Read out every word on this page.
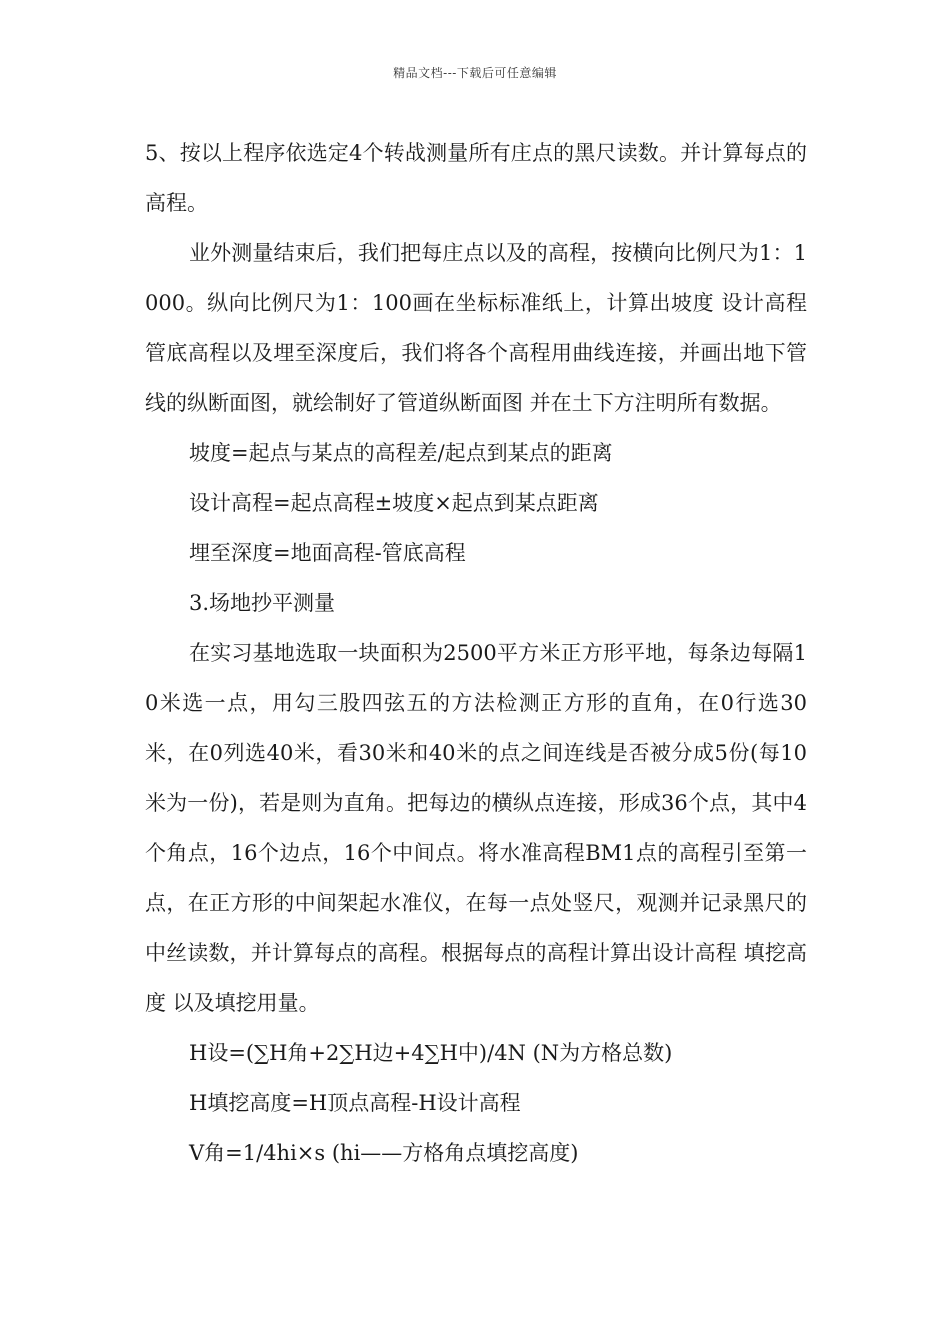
精品文档---下载后可任意编辑

5、按以上程序依选定4个转战测量所有庄点的黑尺读数。并计算每点的高程。

业外测量结束后，我们把每庄点以及的高程，按横向比例尺为1：1000。纵向比例尺为1：100画在坐标标准纸上，计算出坡度 设计高程 管底高程以及埋至深度后，我们将各个高程用曲线连接，并画出地下管线的纵断面图，就绘制好了管道纵断面图 并在土下方注明所有数据。

坡度=起点与某点的高程差/起点到某点的距离

设计高程=起点高程±坡度×起点到某点距离

埋至深度=地面高程-管底高程

3.场地抄平测量

在实习基地选取一块面积为2500平方米正方形平地，每条边每隔10米选一点，用勾三股四弦五的方法检测正方形的直角，在0行选30米，在0列选40米，看30米和40米的点之间连线是否被分成5份(每10米为一份)，若是则为直角。把每边的横纵点连接，形成36个点，其中4个角点，16个边点，16个中间点。将水准高程BM1点的高程引至第一点，在正方形的中间架起水准仪，在每一点处竖尺，观测并记录黑尺的中丝读数，并计算每点的高程。根据每点的高程计算出设计高程 填挖高度 以及填挖用量。

H设=(∑H角+2∑H边+4∑H中)/4N (N为方格总数)

H填挖高度=H顶点高程-H设计高程

V角=1/4hi×s (hi——方格角点填挖高度)
